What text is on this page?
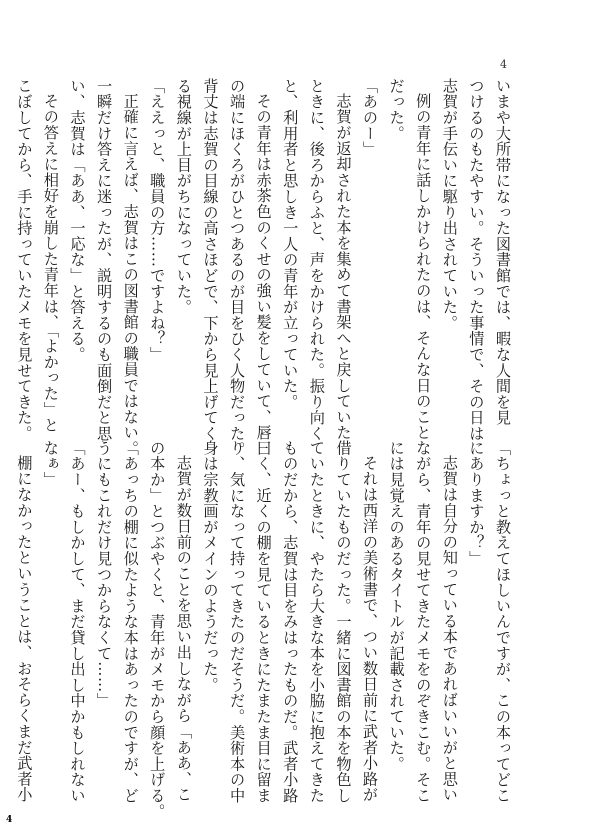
4
いまや大所帯になった図書館では、暇な人間を見
つけるのもたやすい。そういった事情で、その日は
志賀が手伝いに駆り出されていた。
例の青年に話しかけられたのは、そんな日のこと
だった。
「あのー」
志賀が返却された本を集めて書架へと戻していた
ときに、後ろからふと、声をかけられた。振り向く
と、利用者と思しき一人の青年が立っていた。
その青年は赤茶色のくせの強い髪をしていて、唇
の端にほくろがひとつあるのが目をひく人物だった。
背丈は志賀の目線の高さほどで、下から見上げてく
る視線が上目がちになっていた。
「ええっと、職員の方……ですよね？」
正確に言えば、志賀はこの図書館の職員ではない。
一瞬だけ答えに迷ったが、説明するのも面倒だと思
い、志賀は「ああ、一応な」と答える。
その答えに相好を崩した青年は、「よかった」と
こぼしてから、手に持っていたメモを見せてきた。
「ちょっと教えてほしいんですが、この本ってどこ
にありますか？」
志賀は自分の知っている本であればいいがと思い
ながら、青年の見せてきたメモをのぞきこむ。そこ
には見覚えのあるタイトルが記載されていた。
それは西洋の美術書で、つい数日前に武者小路が
借りていたものだった。一緒に図書館の本を物色し
ていたときに、やたら大きな本を小脇に抱えてきた
ものだから、志賀は目をみはったものだ。武者小路
曰く、近くの棚を見ているときにたまたま目に留ま
り、気になって持ってきたのだそうだ。美術本の中
身は宗教画がメインのようだった。
志賀が数日前のことを思い出しながら「ああ、こ
の本か」とつぶやくと、青年がメモから顔を上げる。
「あっちの棚に似たような本はあったのですが、ど
うにもこれだけ見つからなくて……」
「あー、もしかして、まだ貸し出し中かもしれない
なぁ」
棚になかったということは、おそらくまだ武者小
4
